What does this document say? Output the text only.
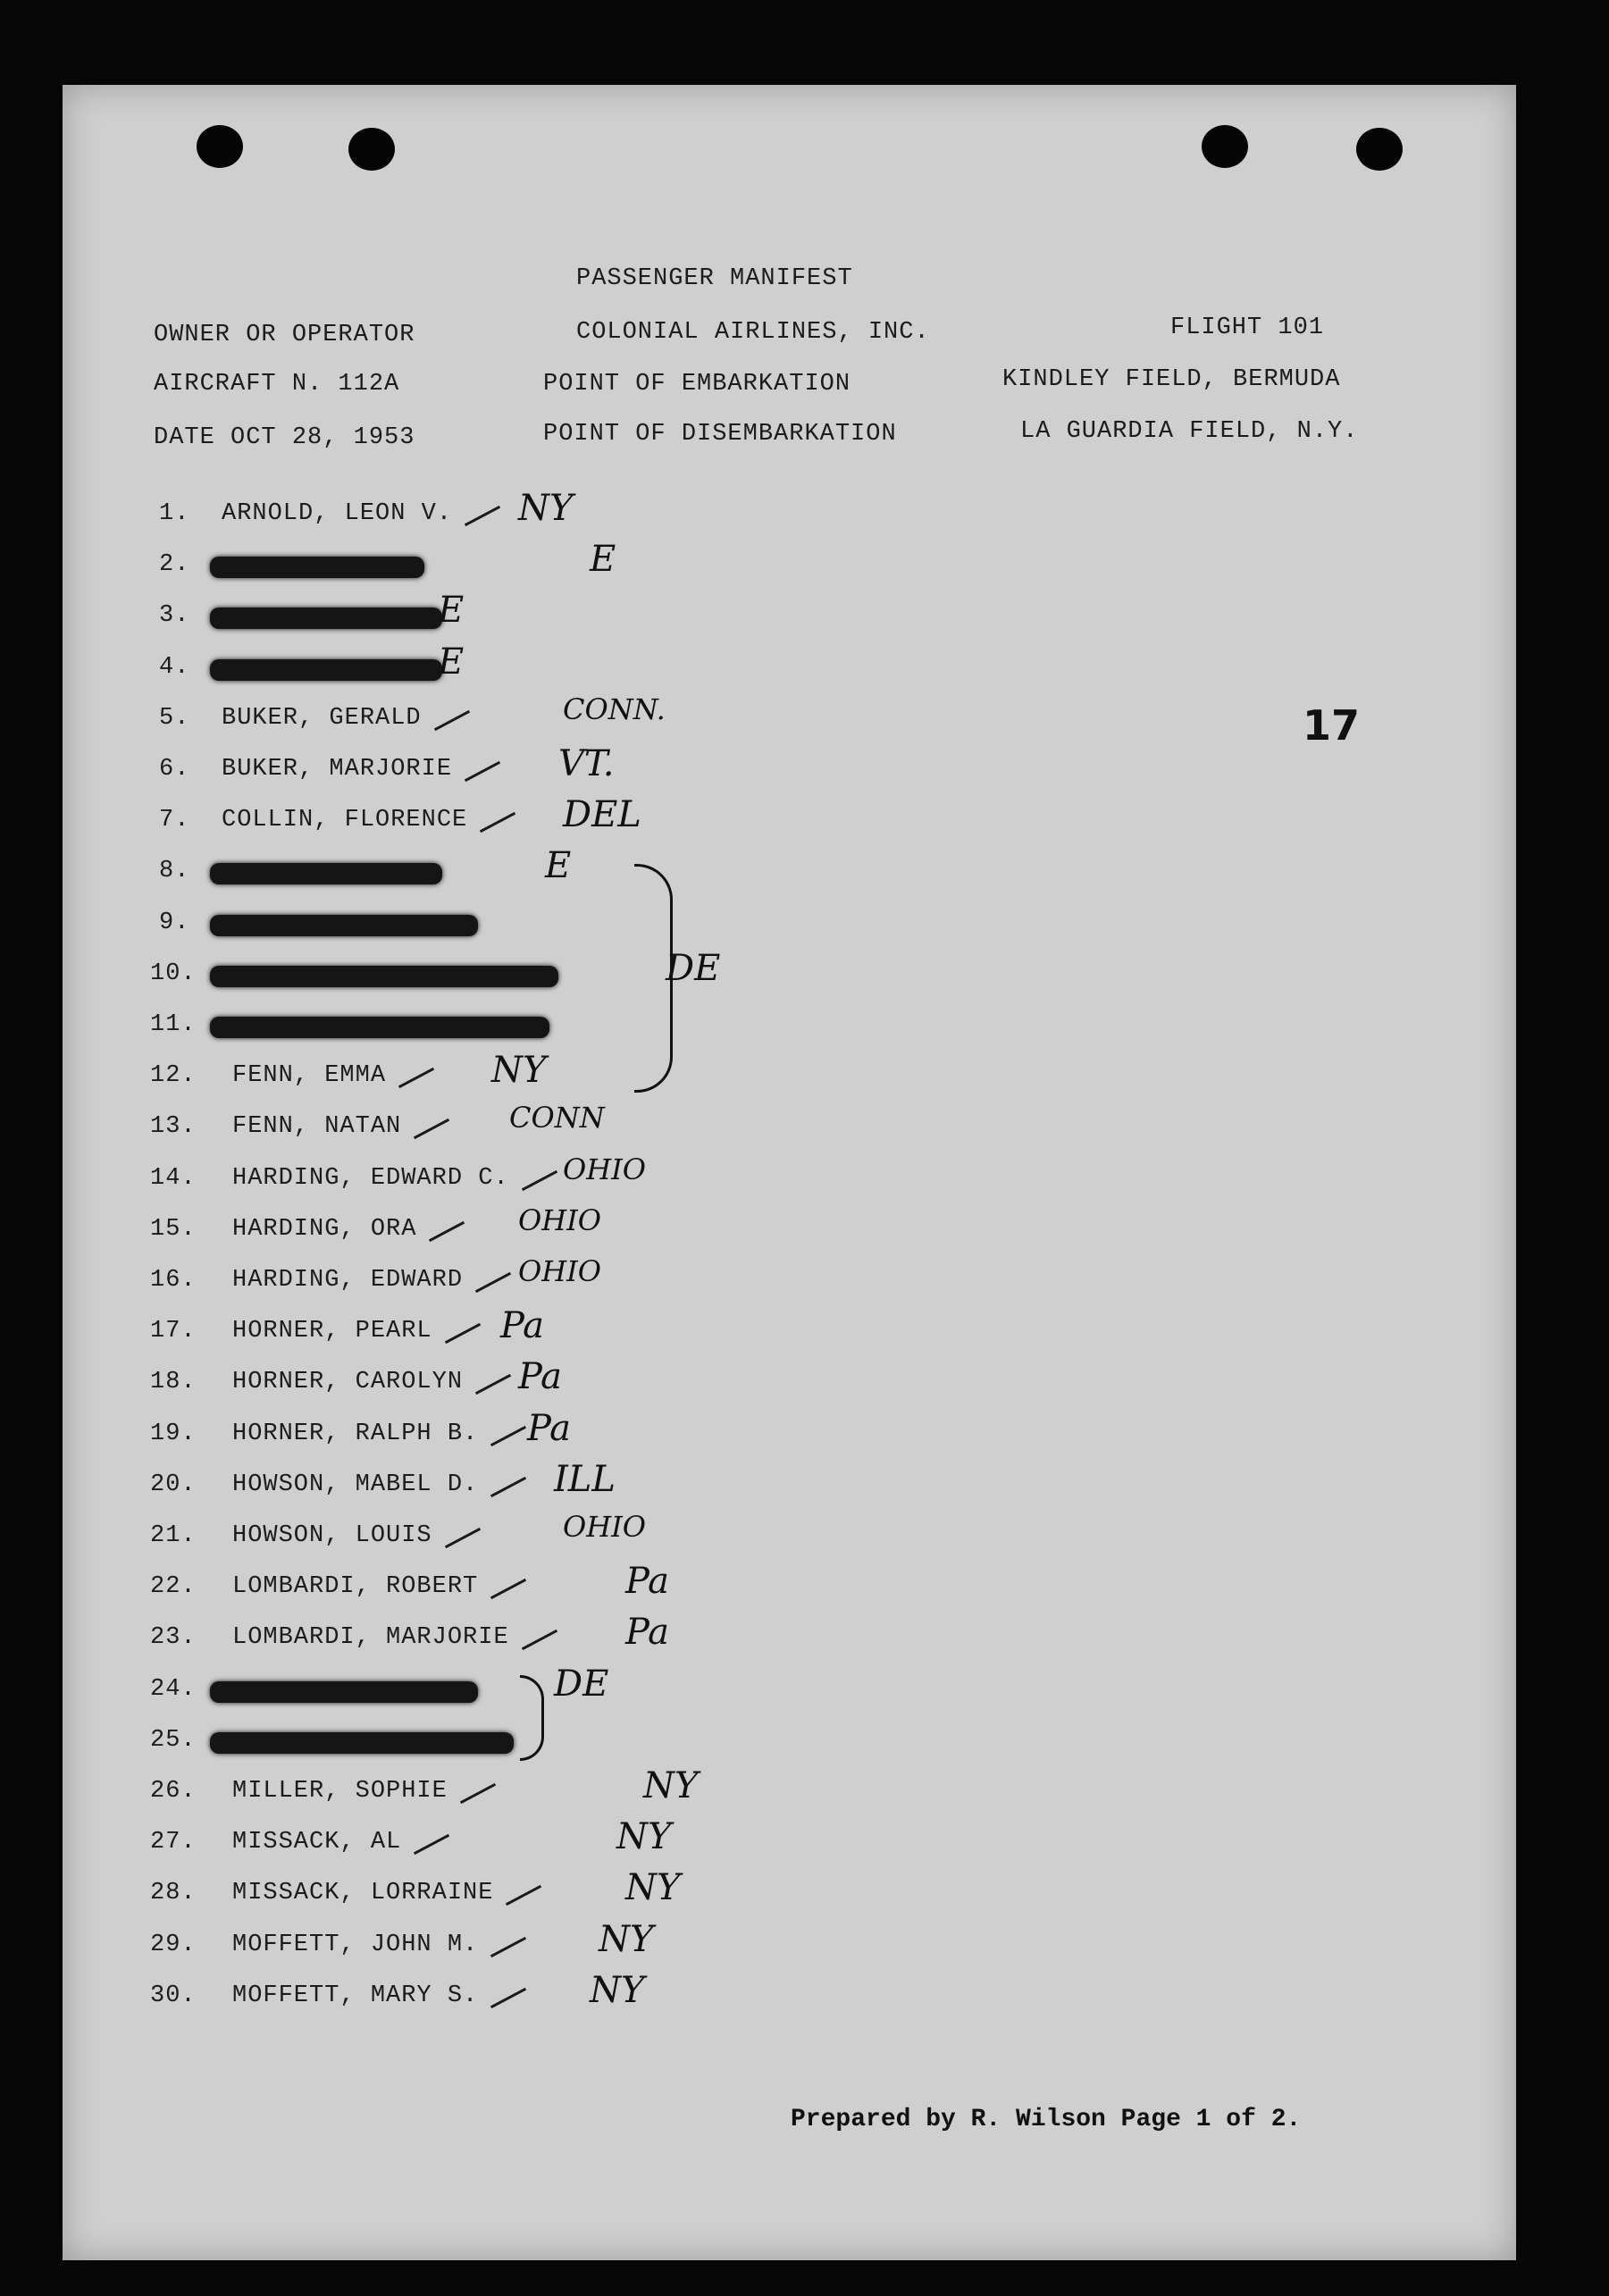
PASSENGER MANIFEST
OWNER OR OPERATOR	COLONIAL AIRLINES, INC.	FLIGHT 101
AIRCRAFT N. 112A	POINT OF EMBARKATION	KINDLEY FIELD, BERMUDA
DATE OCT 28, 1953	POINT OF DISEMBARKATION	LA GUARDIA FIELD, N.Y.
17
1. ARNOLD, LEON V. NY
2.	E
3.	E
4.	E
5. BUKER, GERALD	CONN.
6. BUKER, MARJORIE	VT.
7. COLLIN, FLORENCE	DEL
8.	E
9.
10.	DE
11.
12. FENN, EMMA	NY
13. FENN, NATAN	CONN
14. HARDING, EDWARD C. OHIO
15. HARDING, ORA	OHIO
16. HARDING, EDWARD OHIO
17. HORNER, PEARL Pa
18. HORNER, CAROLYN Pa
19. HORNER, RALPH B. Pa
20. HOWSON, MABEL D. ILL
21. HOWSON, LOUIS	OHIO
22. LOMBARDI, ROBERT	Pa
23. LOMBARDI, MARJORIE	Pa
24.	DE
25.
26. MILLER, SOPHIE	NY
27. MISSACK, AL	NY
28. MISSACK, LORRAINE	NY
29. MOFFETT, JOHN M.	NY
30. MOFFETT, MARY S.	NY
Prepared by R. Wilson Page 1 of 2.
